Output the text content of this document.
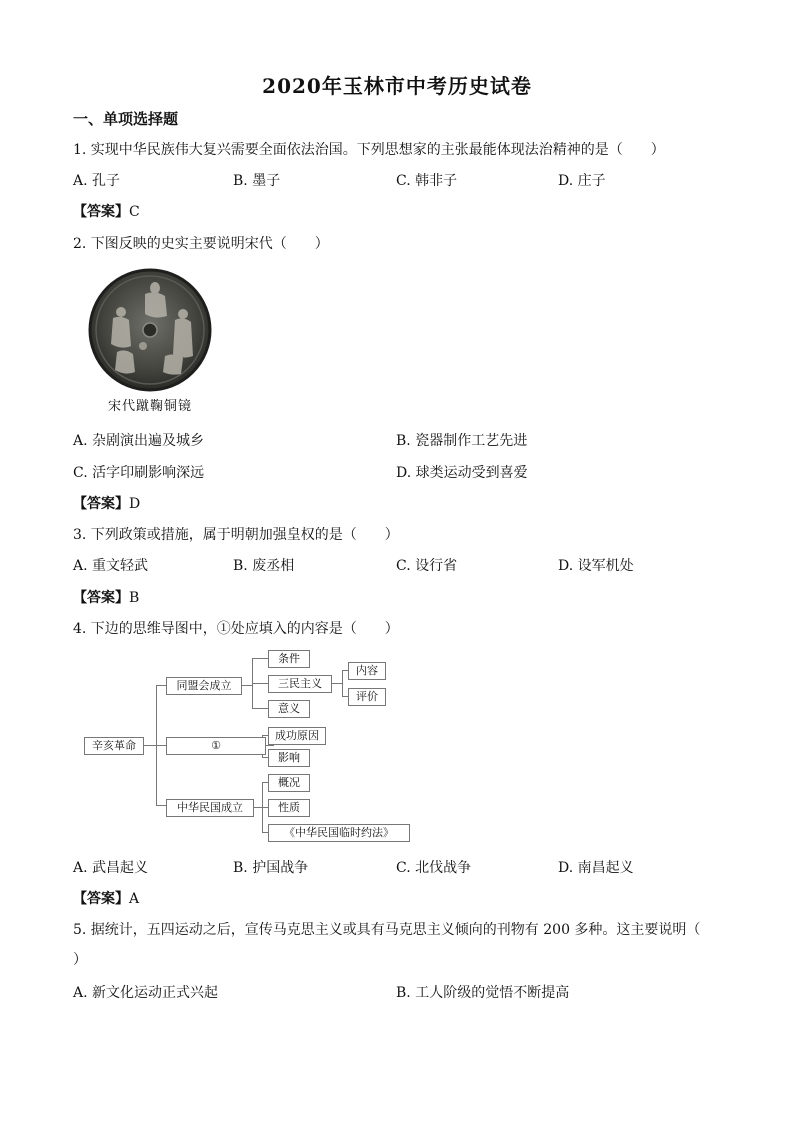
2020年玉林市中考历史试卷
一、单项选择题
1. 实现中华民族伟大复兴需要全面依法治国。下列思想家的主张最能体现法治精神的是（　　）
A. 孔子	B. 墨子	C. 韩非子	D. 庄子
【答案】C
2. 下图反映的史实主要说明宋代（　　）
宋代蹴鞠铜镜
A. 杂剧演出遍及城乡	B. 瓷器制作工艺先进
C. 活字印刷影响深远	D. 球类运动受到喜爱
【答案】D
3. 下列政策或措施，属于明朝加强皇权的是（　　）
A. 重文轻武	B. 废丞相	C. 设行省	D. 设军机处
【答案】B
4. 下边的思维导图中，①处应填入的内容是（　　）
辛亥革命
同盟会成立
条件
三民主义
意义
内容
评价
①
成功原因
影响
中华民国成立
概况
性质
《中华民国临时约法》
A. 武昌起义	B. 护国战争	C. 北伐战争	D. 南昌起义
【答案】A
5. 据统计，五四运动之后，宣传马克思主义或具有马克思主义倾向的刊物有 200 多种。这主要说明（
）
A. 新文化运动正式兴起	B. 工人阶级的觉悟不断提高
